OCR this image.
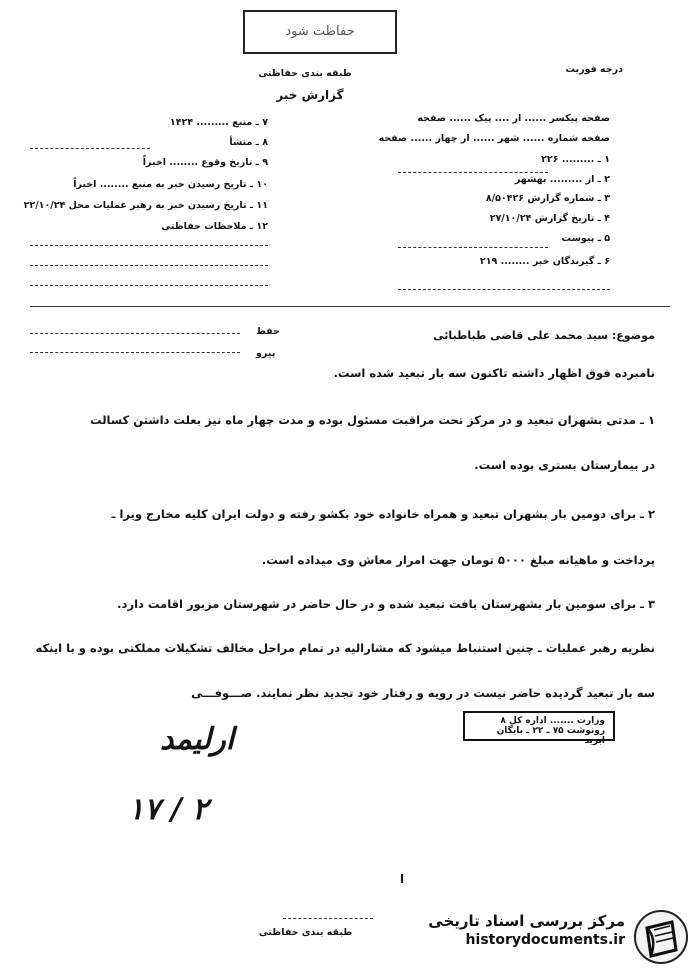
ﺣﻔﺎﻇﺖ ﺷﻮد
درجه فوریت
طبقه بندی حفاظتی
گزارش خبر
صفحه پیکسر ...... ار .... پیک ...... صفحه
صفحه شماره ...... شهر ...... ار چهار ...... صفحه
۱ ـ ......... ۲۲۶
۲ ـ از ......... بهشهر
۳ ـ شماره گزارش ۸/۵۰۴۲۶
۴ ـ تاریخ گزارش ۲۷/۱۰/۲۴
۵ ـ پیوست
۶ ـ گیرندگان خبر ........ ۲۱۹
۷ ـ منبع ......... ۱۴۲۴
۸ ـ منشأ
۹ ـ تاریخ وقوع ........ اخیراً
۱۰ ـ تاریخ رسیدن خبر به منبع ........ اخیراً
۱۱ ـ تاریخ رسیدن خبر به رهبر عملیات محل ۲۲/۱۰/۲۴
۱۲ ـ ملاحظات حفاظتی
حفظ
پیرو
موضوع: سید محمد علی قاضی طباطبائی
نامبرده فوق اظهار داشته تاکنون سه بار تبعید شده است.
۱ ـ مدتی بشهران تبعید و در مرکز تحت مراقبت مسئول بوده و مدت چهار ماه نیز بعلت داشتن کسالت
در بیمارستان بستری بوده است.
۲ ـ برای دومین بار بشهران تبعید و همراه خانواده خود بکشو رفته و دولت ایران کلیه مخارج ویرا ـ
پرداخت و ماهیانه مبلغ ۵۰۰۰ تومان جهت امرار معاش وی میداده است.
۳ ـ برای سومین بار بشهرستان بافت تبعید شده و در حال حاضر در شهرستان مزبور اقامت دارد.
نظریه رهبر عملیات ـ چنین استنباط میشود که مشارالیه در تمام مراحل مخالف تشکیلات مملکتی بوده و با اینکه
سه بار تبعید گردیده حاضر نیست در رویه و رفتار خود تجدید نظر نمایند. صـــوفـــی
وزارت ....... اداره کل ۸
رونوشت ۷۵ ـ ۲۲ ـ بایگان ابرید
ارلیمد
۱۷ / ۲
ا
طبقه بندی حفاظتی
مرکز بررسی اسناد تاریخی
historydocuments.ir
